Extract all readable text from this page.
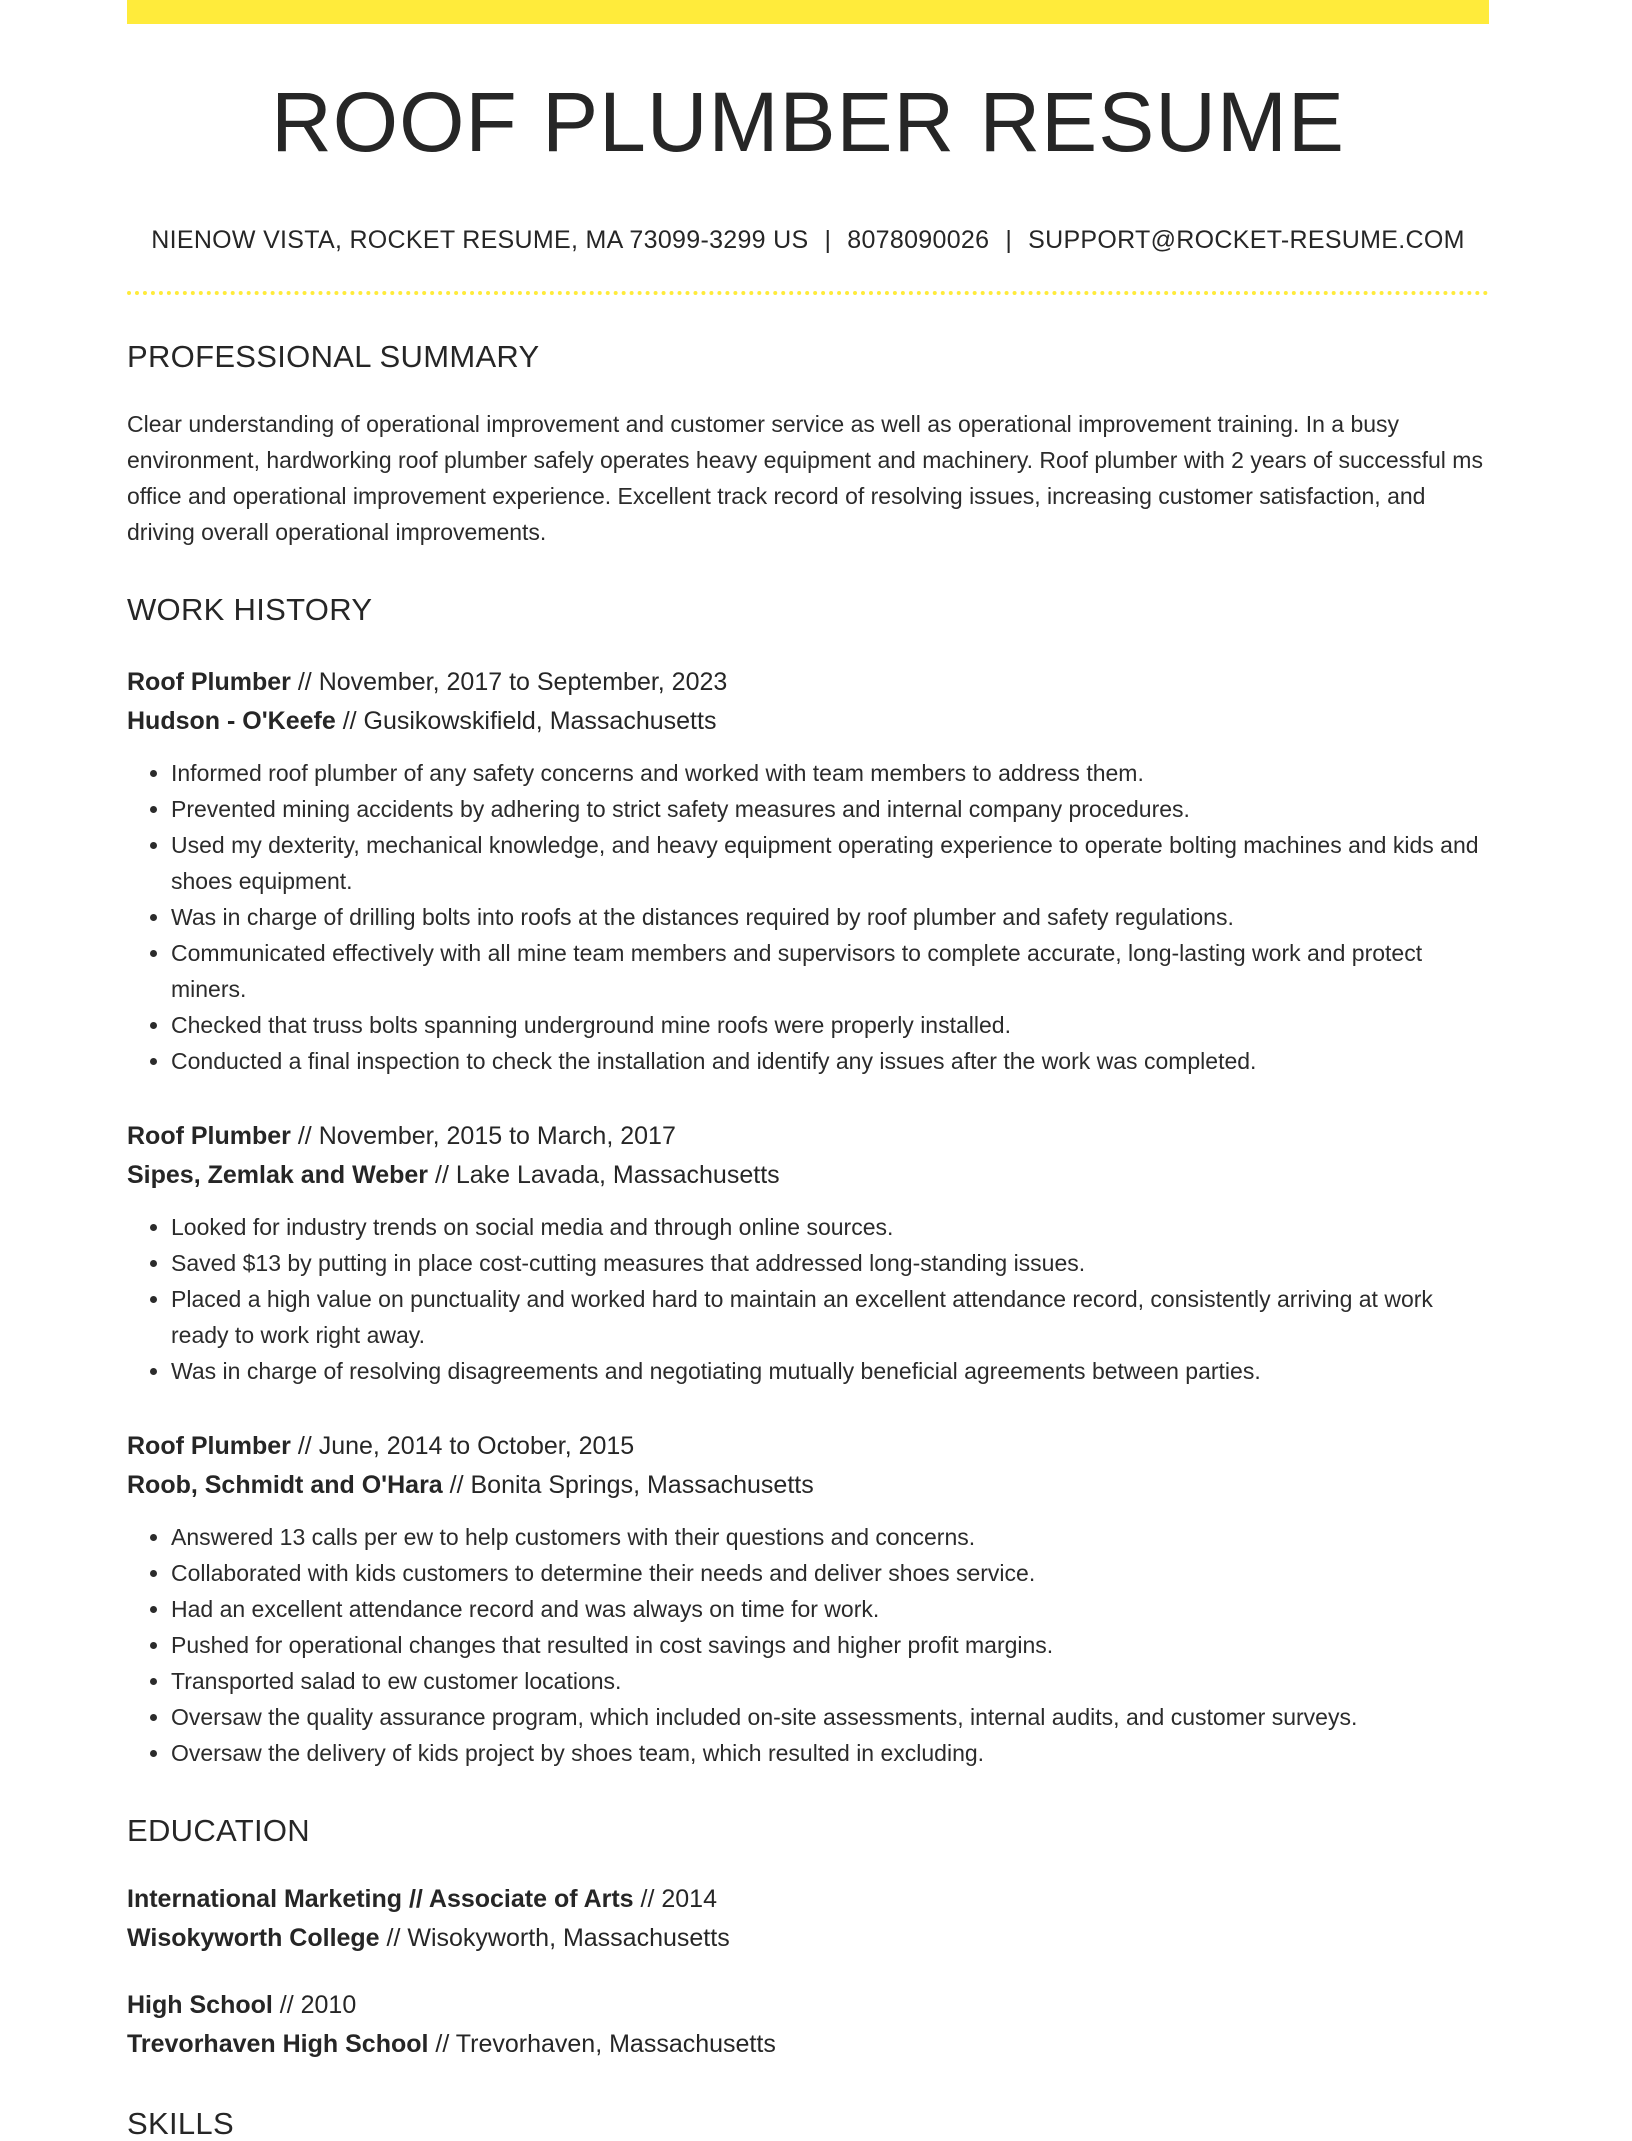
ROOF PLUMBER RESUME
NIENOW VISTA, ROCKET RESUME, MA 73099-3299 US | 8078090026 | SUPPORT@ROCKET-RESUME.COM
PROFESSIONAL SUMMARY
Clear understanding of operational improvement and customer service as well as operational improvement training. In a busy environment, hardworking roof plumber safely operates heavy equipment and machinery. Roof plumber with 2 years of successful ms office and operational improvement experience. Excellent track record of resolving issues, increasing customer satisfaction, and driving overall operational improvements.
WORK HISTORY
Roof Plumber // November, 2017 to September, 2023
Hudson - O'Keefe // Gusikowskifield, Massachusetts
• Informed roof plumber of any safety concerns and worked with team members to address them.
• Prevented mining accidents by adhering to strict safety measures and internal company procedures.
• Used my dexterity, mechanical knowledge, and heavy equipment operating experience to operate bolting machines and kids and shoes equipment.
• Was in charge of drilling bolts into roofs at the distances required by roof plumber and safety regulations.
• Communicated effectively with all mine team members and supervisors to complete accurate, long-lasting work and protect miners.
• Checked that truss bolts spanning underground mine roofs were properly installed.
• Conducted a final inspection to check the installation and identify any issues after the work was completed.
Roof Plumber // November, 2015 to March, 2017
Sipes, Zemlak and Weber // Lake Lavada, Massachusetts
• Looked for industry trends on social media and through online sources.
• Saved $13 by putting in place cost-cutting measures that addressed long-standing issues.
• Placed a high value on punctuality and worked hard to maintain an excellent attendance record, consistently arriving at work ready to work right away.
• Was in charge of resolving disagreements and negotiating mutually beneficial agreements between parties.
Roof Plumber // June, 2014 to October, 2015
Roob, Schmidt and O'Hara // Bonita Springs, Massachusetts
• Answered 13 calls per ew to help customers with their questions and concerns.
• Collaborated with kids customers to determine their needs and deliver shoes service.
• Had an excellent attendance record and was always on time for work.
• Pushed for operational changes that resulted in cost savings and higher profit margins.
• Transported salad to ew customer locations.
• Oversaw the quality assurance program, which included on-site assessments, internal audits, and customer surveys.
• Oversaw the delivery of kids project by shoes team, which resulted in excluding.
EDUCATION
International Marketing // Associate of Arts // 2014
Wisokyworth College // Wisokyworth, Massachusetts
High School // 2010
Trevorhaven High School // Trevorhaven, Massachusetts
SKILLS
